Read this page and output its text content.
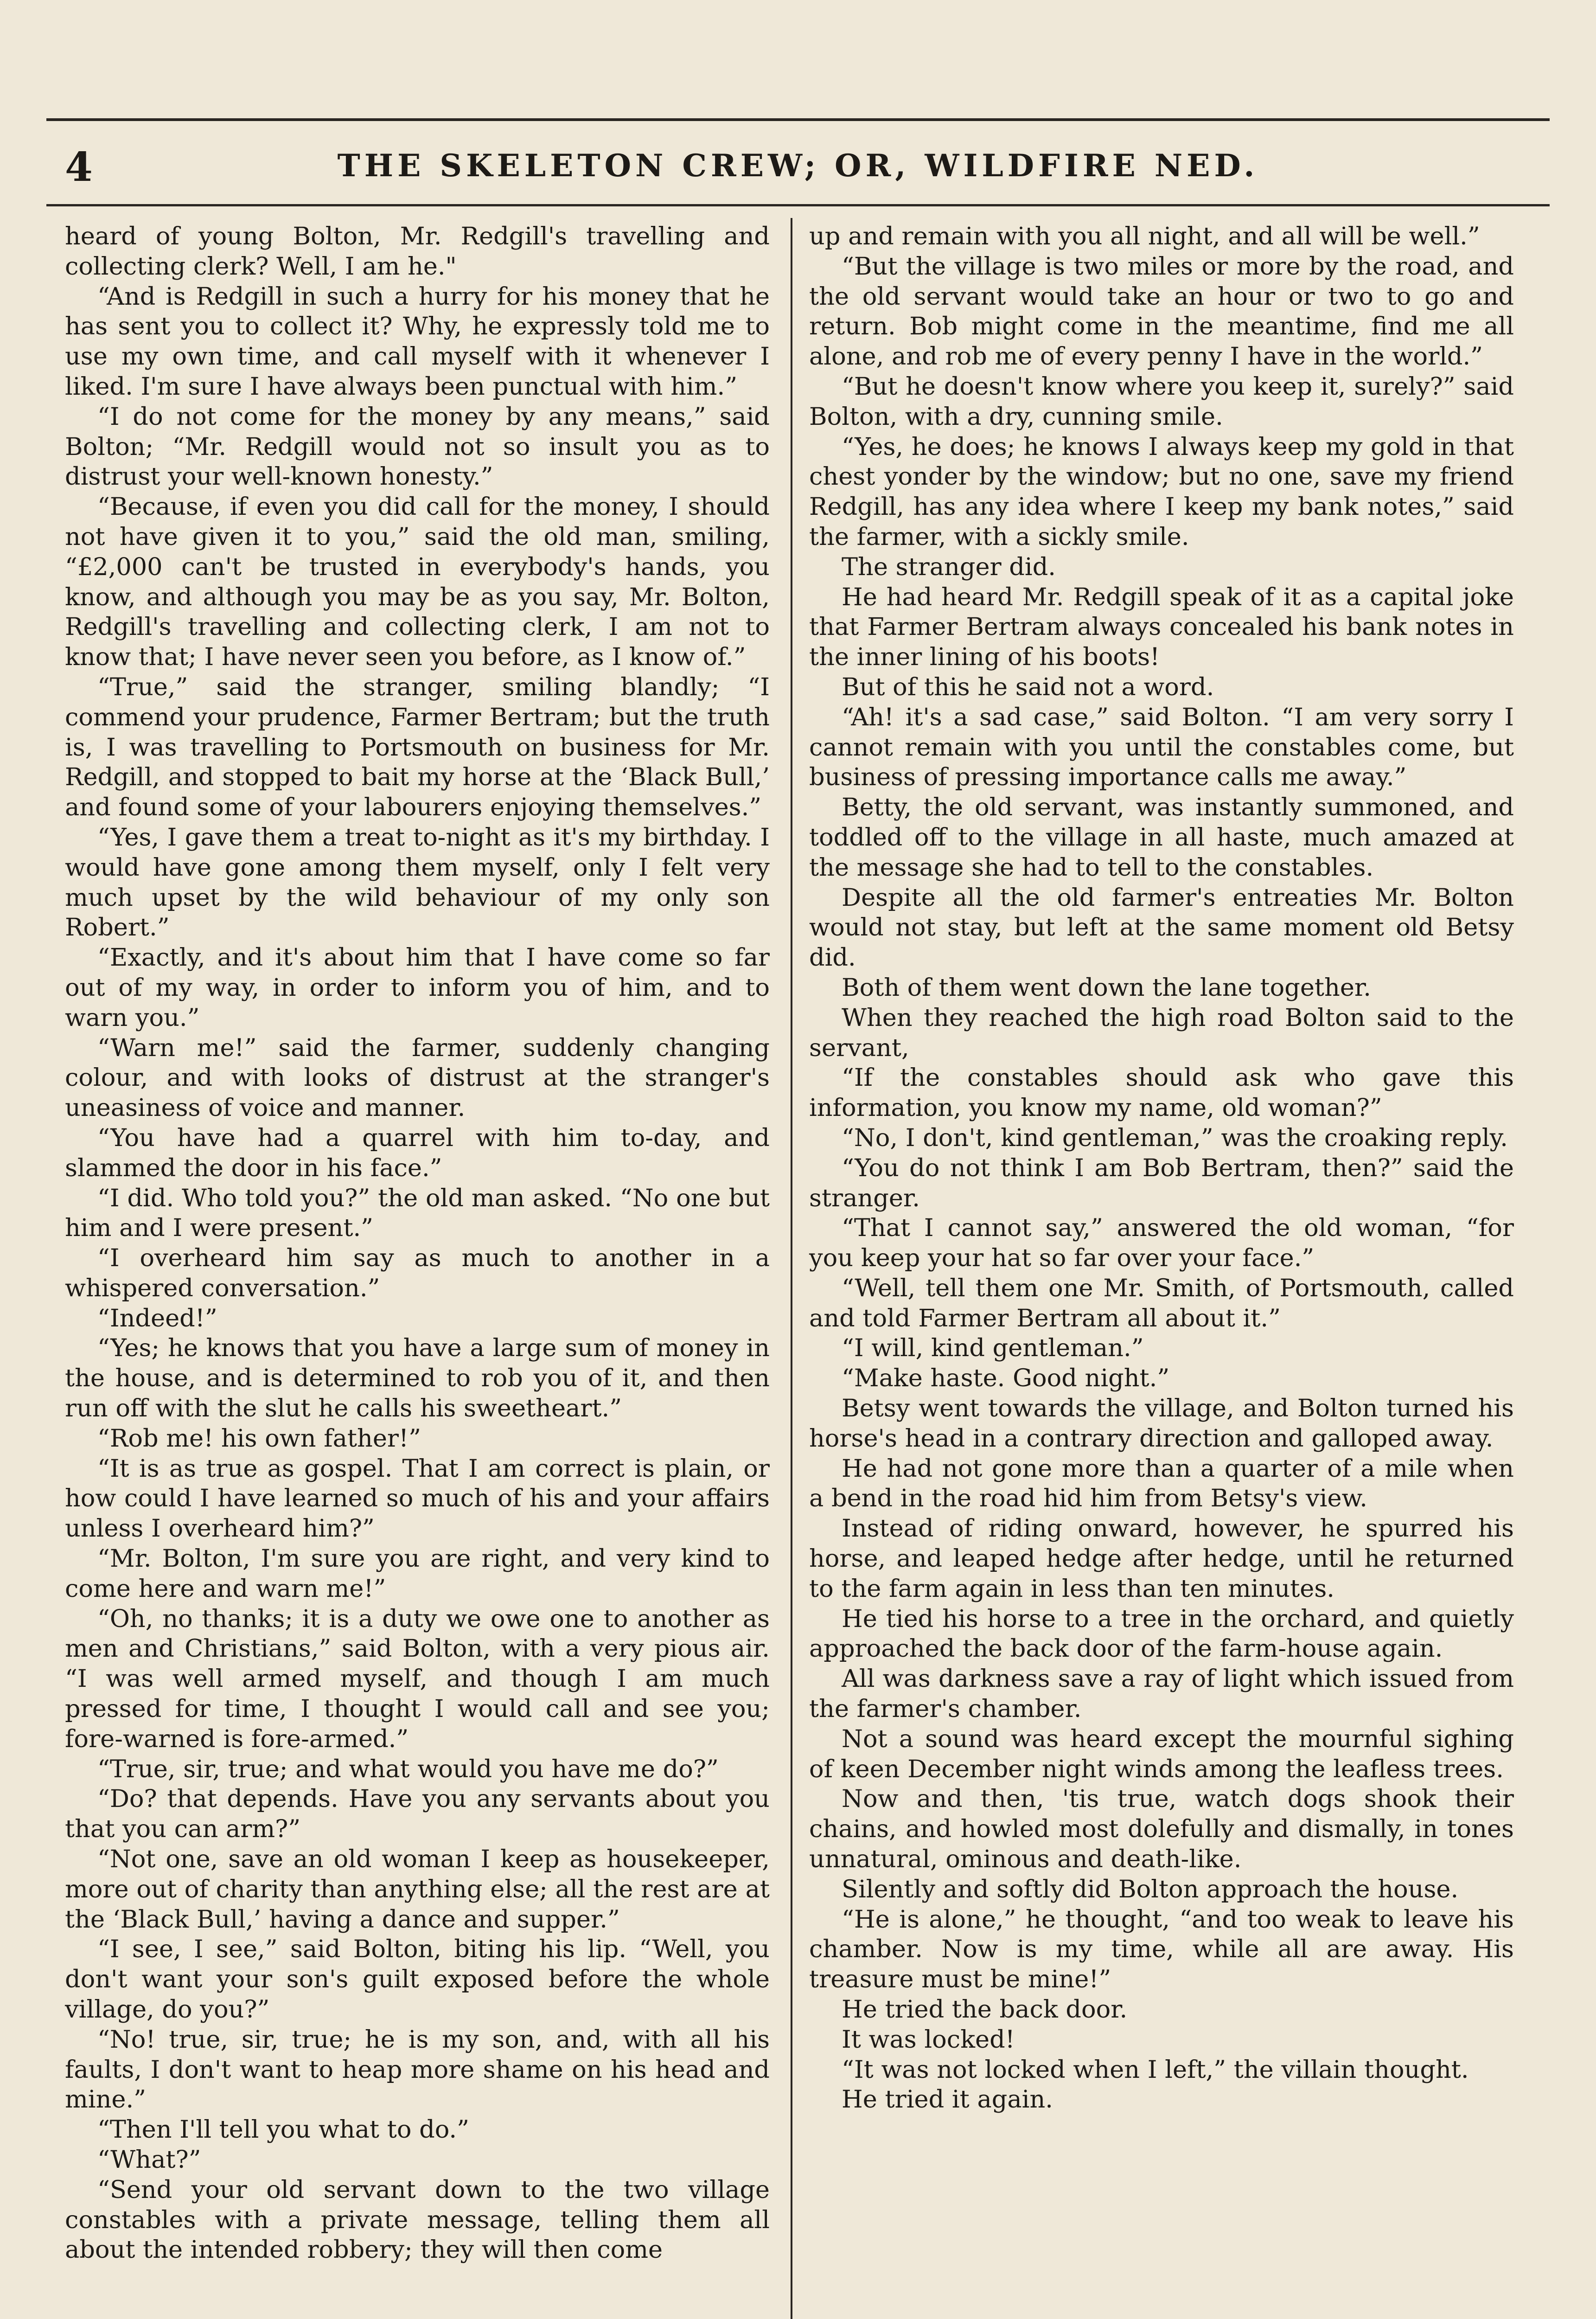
4	THE SKELETON CREW; OR, WILDFIRE NED.

heard of young Bolton, Mr. Redgill's travelling and collecting clerk? Well, I am he."

“And is Redgill in such a hurry for his money that he has sent you to collect it? Why, he expressly told me to use my own time, and call myself with it whenever I liked. I'm sure I have always been punctual with him.”

“I do not come for the money by any means,” said Bolton; “Mr. Redgill would not so insult you as to distrust your well-known honesty.”

“Because, if even you did call for the money, I should not have given it to you,” said the old man, smiling, “£2,000 can't be trusted in everybody's hands, you know, and although you may be as you say, Mr. Bolton, Redgill's travelling and collecting clerk, I am not to know that; I have never seen you before, as I know of.”

“True,” said the stranger, smiling blandly; “I commend your prudence, Farmer Bertram; but the truth is, I was travelling to Portsmouth on business for Mr. Redgill, and stopped to bait my horse at the ‘Black Bull,’ and found some of your labourers enjoying themselves.”

“Yes, I gave them a treat to-night as it's my birthday. I would have gone among them myself, only I felt very much upset by the wild behaviour of my only son Robert.”

“Exactly, and it's about him that I have come so far out of my way, in order to inform you of him, and to warn you.”

“Warn me!” said the farmer, suddenly changing colour, and with looks of distrust at the stranger's uneasiness of voice and manner.

“You have had a quarrel with him to-day, and slammed the door in his face.”

“I did. Who told you?” the old man asked. “No one but him and I were present.”

“I overheard him say as much to another in a whispered conversation.”

“Indeed!”

“Yes; he knows that you have a large sum of money in the house, and is determined to rob you of it, and then run off with the slut he calls his sweetheart.”

“Rob me! his own father!”

“It is as true as gospel. That I am correct is plain, or how could I have learned so much of his and your affairs unless I overheard him?”

“Mr. Bolton, I'm sure you are right, and very kind to come here and warn me!”

“Oh, no thanks; it is a duty we owe one to another as men and Christians,” said Bolton, with a very pious air. “I was well armed myself, and though I am much pressed for time, I thought I would call and see you; fore-warned is fore-armed.”

“True, sir, true; and what would you have me do?”

“Do? that depends. Have you any servants about you that you can arm?”

“Not one, save an old woman I keep as housekeeper, more out of charity than anything else; all the rest are at the ‘Black Bull,’ having a dance and supper.”

“I see, I see,” said Bolton, biting his lip. “Well, you don't want your son's guilt exposed before the whole village, do you?”

“No! true, sir, true; he is my son, and, with all his faults, I don't want to heap more shame on his head and mine.”

“Then I'll tell you what to do.”

“What?”

“Send your old servant down to the two village constables with a private message, telling them all about the intended robbery; they will then come

up and remain with you all night, and all will be well.”

“But the village is two miles or more by the road, and the old servant would take an hour or two to go and return. Bob might come in the meantime, find me all alone, and rob me of every penny I have in the world.”

“But he doesn't know where you keep it, surely?” said Bolton, with a dry, cunning smile.

“Yes, he does; he knows I always keep my gold in that chest yonder by the window; but no one, save my friend Redgill, has any idea where I keep my bank notes,” said the farmer, with a sickly smile.

The stranger did.

He had heard Mr. Redgill speak of it as a capital joke that Farmer Bertram always concealed his bank notes in the inner lining of his boots!

But of this he said not a word.

“Ah! it's a sad case,” said Bolton. “I am very sorry I cannot remain with you until the constables come, but business of pressing importance calls me away.”

Betty, the old servant, was instantly summoned, and toddled off to the village in all haste, much amazed at the message she had to tell to the constables.

Despite all the old farmer's entreaties Mr. Bolton would not stay, but left at the same moment old Betsy did.

Both of them went down the lane together.

When they reached the high road Bolton said to the servant,

“If the constables should ask who gave this information, you know my name, old woman?”

“No, I don't, kind gentleman,” was the croaking reply.

“You do not think I am Bob Bertram, then?” said the stranger.

“That I cannot say,” answered the old woman, “for you keep your hat so far over your face.”

“Well, tell them one Mr. Smith, of Portsmouth, called and told Farmer Bertram all about it.”

“I will, kind gentleman.”

“Make haste. Good night.”

Betsy went towards the village, and Bolton turned his horse's head in a contrary direction and galloped away.

He had not gone more than a quarter of a mile when a bend in the road hid him from Betsy's view.

Instead of riding onward, however, he spurred his horse, and leaped hedge after hedge, until he returned to the farm again in less than ten minutes.

He tied his horse to a tree in the orchard, and quietly approached the back door of the farm-house again.

All was darkness save a ray of light which issued from the farmer's chamber.

Not a sound was heard except the mournful sighing of keen December night winds among the leafless trees.

Now and then, 'tis true, watch dogs shook their chains, and howled most dolefully and dismally, in tones unnatural, ominous and death-like.

Silently and softly did Bolton approach the house.

“He is alone,” he thought, “and too weak to leave his chamber. Now is my time, while all are away. His treasure must be mine!”

He tried the back door.

It was locked!

“It was not locked when I left,” the villain thought.

He tried it again.
